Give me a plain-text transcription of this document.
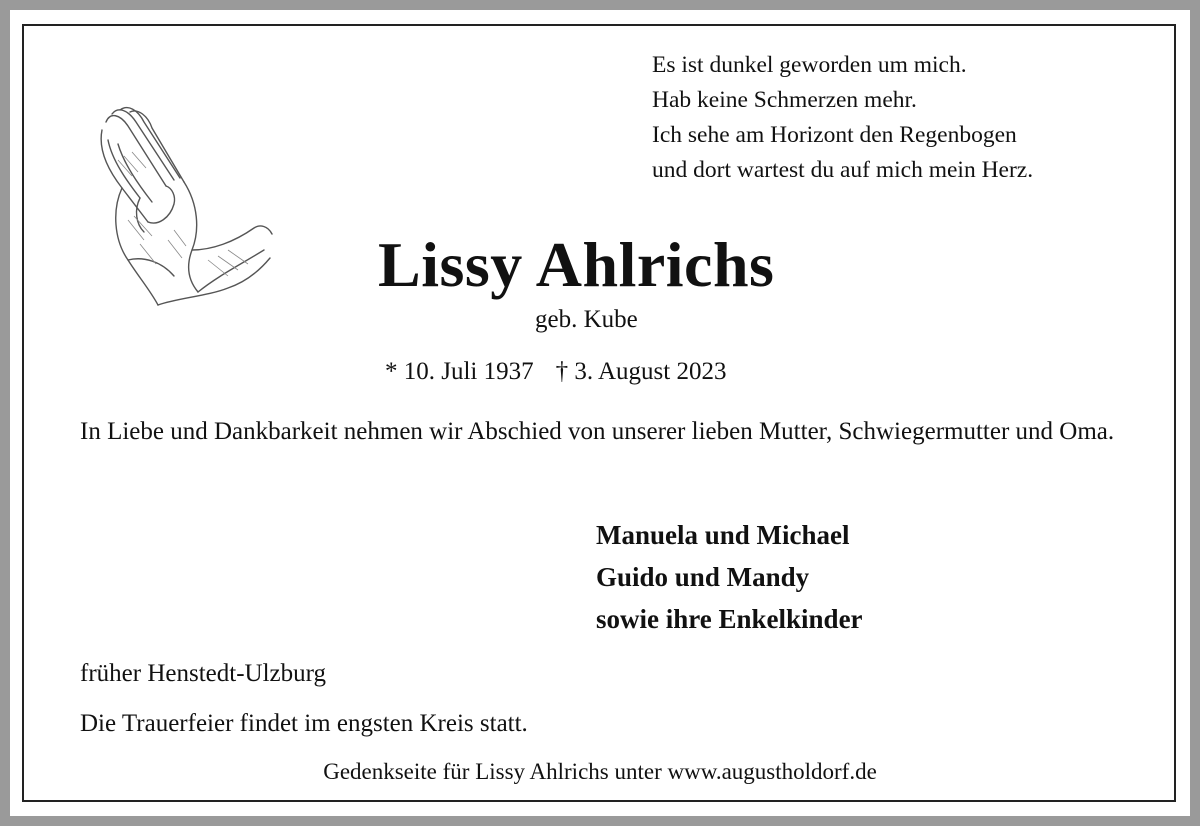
Es ist dunkel geworden um mich.
Hab keine Schmerzen mehr.
Ich sehe am Horizont den Regenbogen
und dort wartest du auf mich mein Herz.
Lissy Ahlrichs
geb. Kube
* 10. Juli 1937 † 3. August 2023
In Liebe und Dankbarkeit nehmen wir Abschied von unserer lieben Mutter, Schwiegermutter und Oma.
Manuela und Michael
Guido und Mandy
sowie ihre Enkelkinder
früher Henstedt-Ulzburg
Die Trauerfeier findet im engsten Kreis statt.
Gedenkseite für Lissy Ahlrichs unter www.augustholdorf.de
